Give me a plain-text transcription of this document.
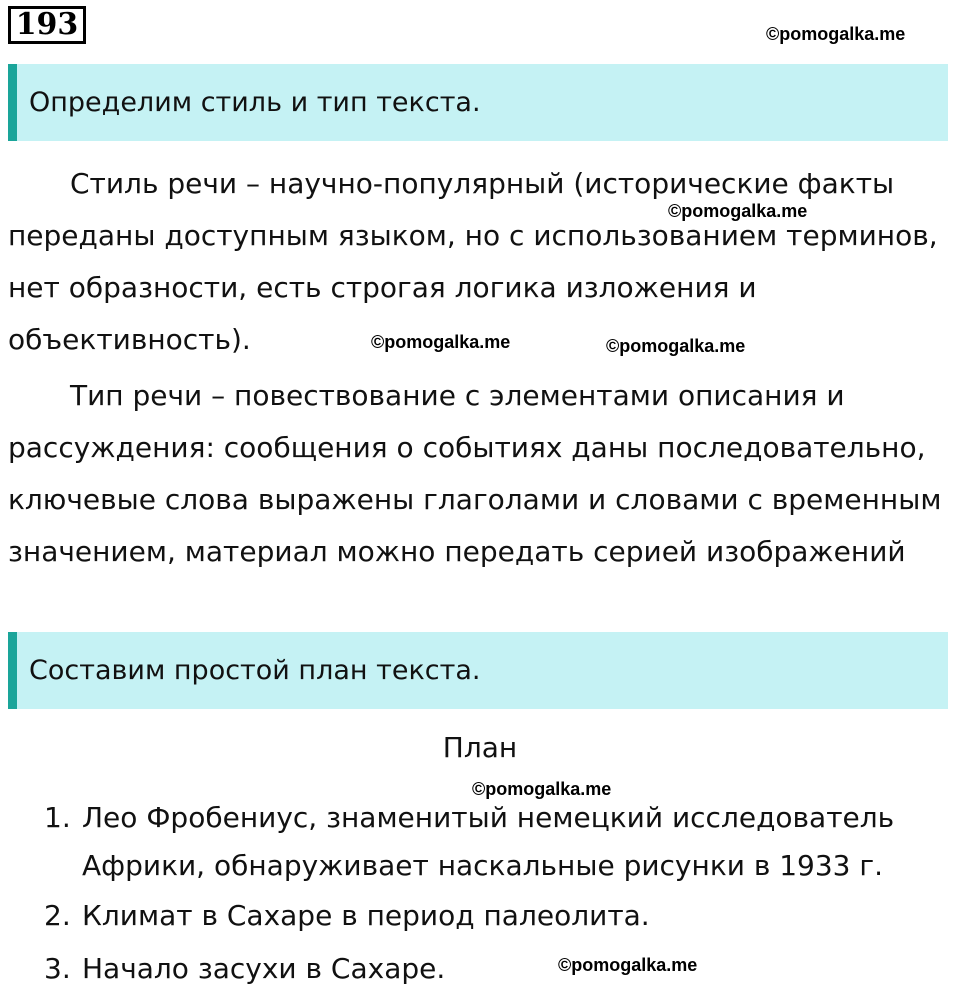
193	©pomogalka.me
Определим стиль и тип текста.

Стиль речи – научно-популярный (исторические факты переданы доступным языком, но с использованием терминов, нет образности, есть строгая логика изложения и объективность).

©pomogalka.me
©pomogalka.me	©pomogalka.me

Тип речи – повествование с элементами описания и рассуждения: сообщения о событиях даны последовательно, ключевые слова выражены глаголами и словами с временным значением, материал можно передать серией изображений

Составим простой план текста.
План
©pomogalka.me
1. Лео Фробениус, знаменитый немецкий исследователь
Африки, обнаруживает наскальные рисунки в 1933 г.
2. Климат в Сахаре в период палеолита.
3. Начало засухи в Сахаре.	©pomogalka.me
